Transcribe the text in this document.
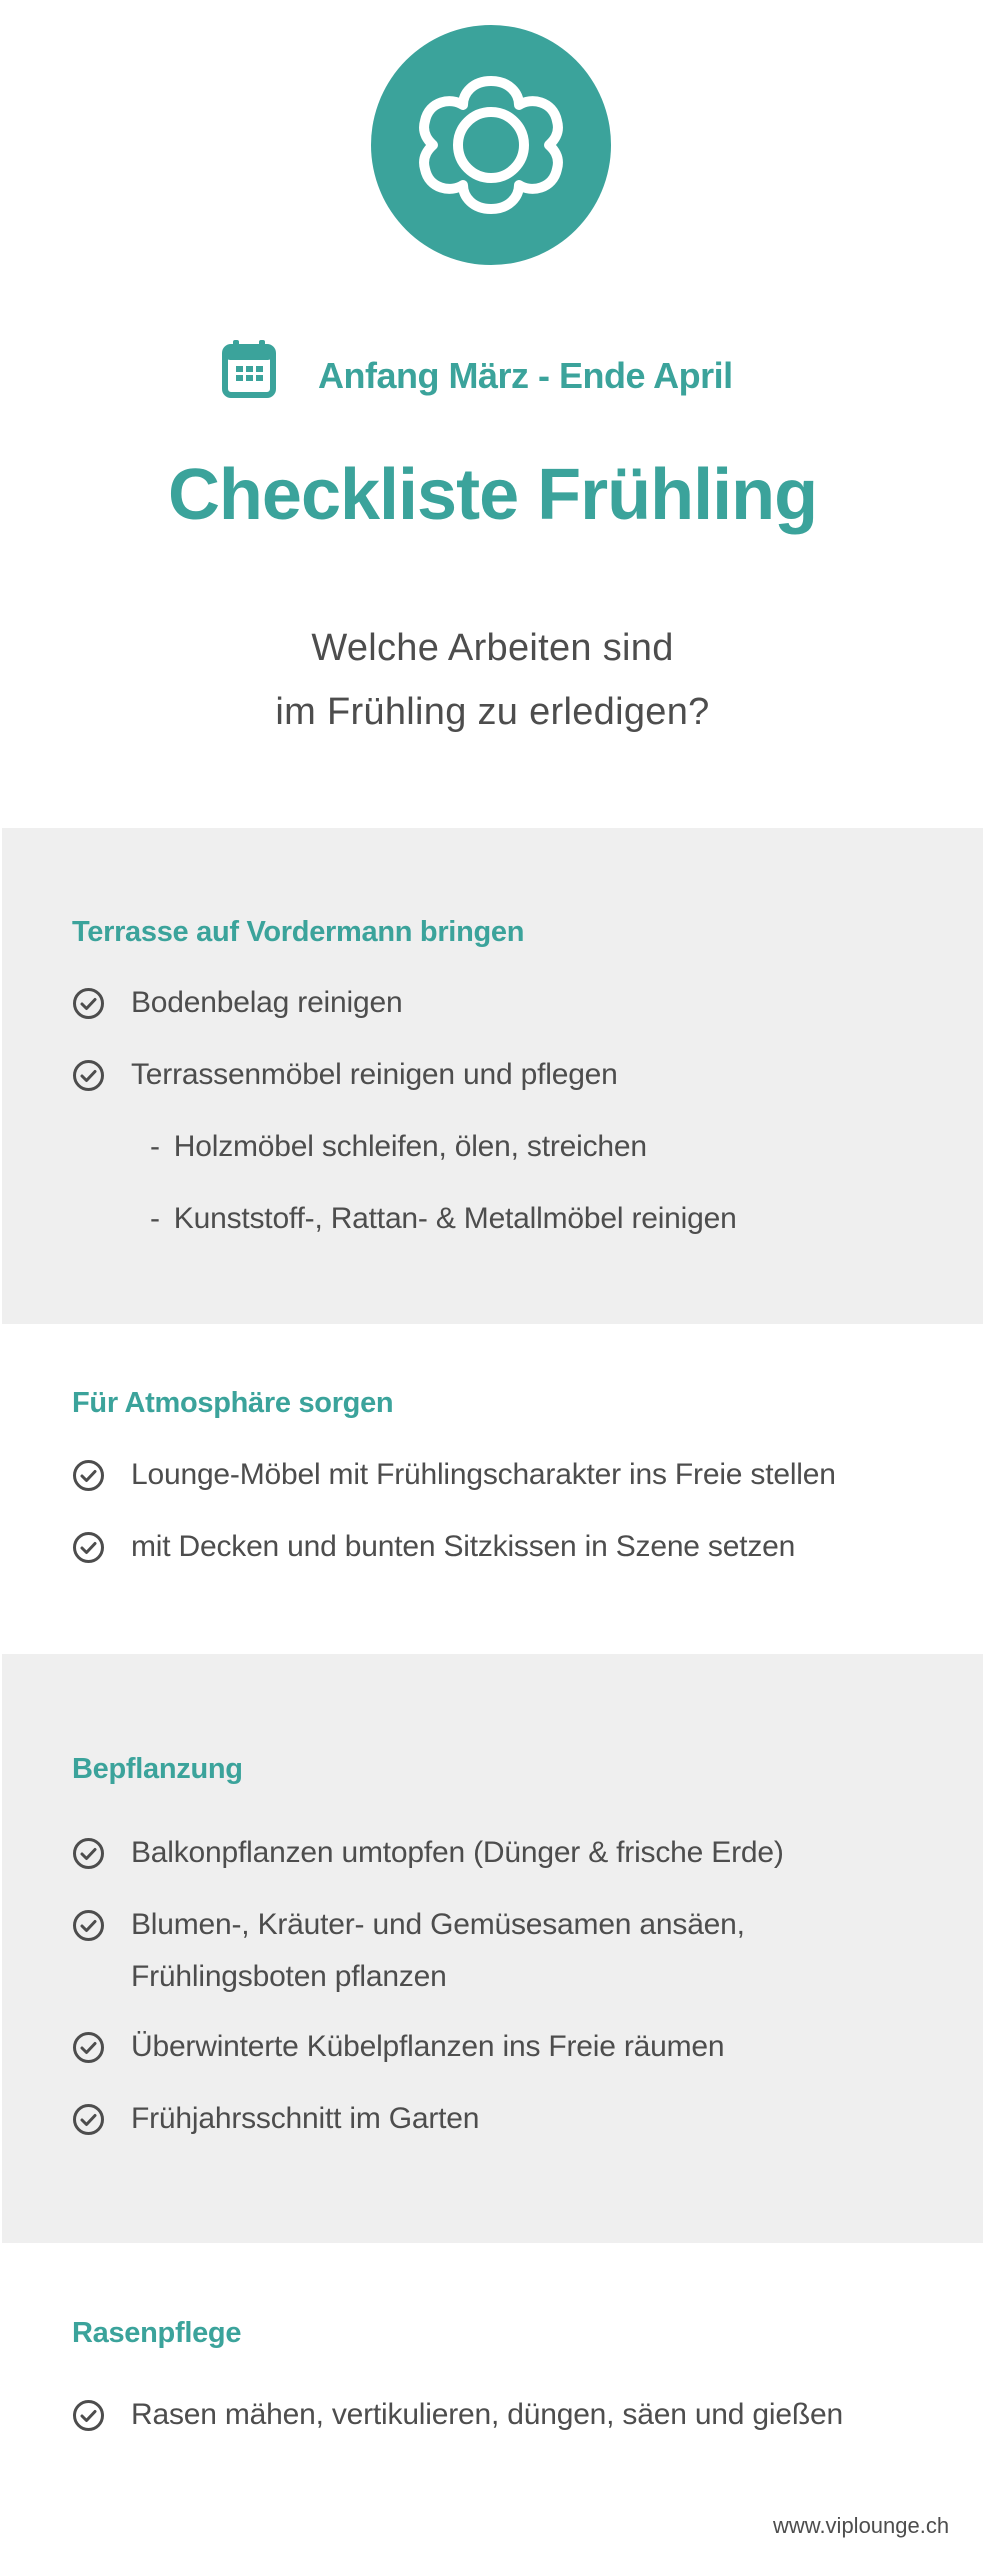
Anfang März - Ende April
Checkliste Frühling
Welche Arbeiten sind
im Frühling zu erledigen?
Terrasse auf Vordermann bringen
Bodenbelag reinigen
Terrassenmöbel reinigen und pflegen
- Holzmöbel schleifen, ölen, streichen
- Kunststoff-, Rattan- & Metallmöbel reinigen
Für Atmosphäre sorgen
Lounge-Möbel mit Frühlingscharakter ins Freie stellen
mit Decken und bunten Sitzkissen in Szene setzen
Bepflanzung
Balkonpflanzen umtopfen (Dünger & frische Erde)
Blumen-, Kräuter- und Gemüsesamen ansäen,
Frühlingsboten pflanzen
Überwinterte Kübelpflanzen ins Freie räumen
Frühjahrsschnitt im Garten
Rasenpflege
Rasen mähen, vertikulieren, düngen, säen und gießen
www.viplounge.ch
